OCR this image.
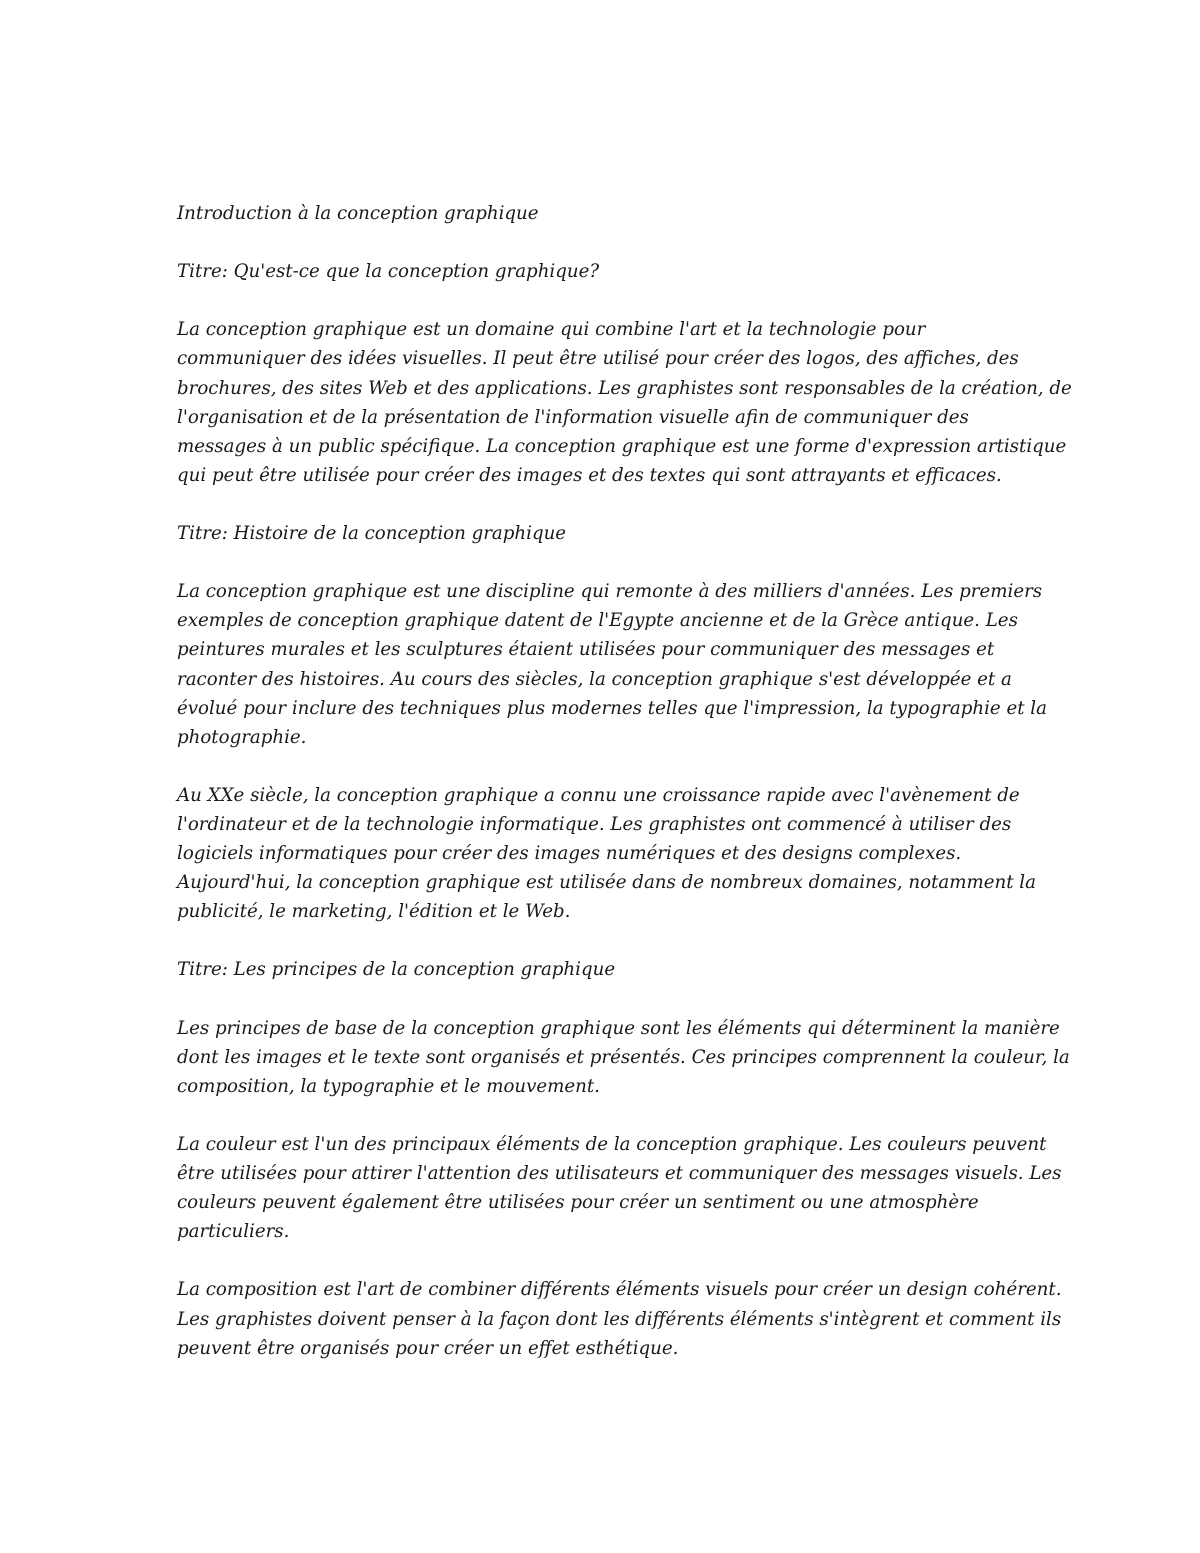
Introduction à la conception graphique

Titre: Qu'est-ce que la conception graphique?

La conception graphique est un domaine qui combine l'art et la technologie pour
communiquer des idées visuelles. Il peut être utilisé pour créer des logos, des affiches, des
brochures, des sites Web et des applications. Les graphistes sont responsables de la création, de
l'organisation et de la présentation de l'information visuelle afin de communiquer des
messages à un public spécifique. La conception graphique est une forme d'expression artistique
qui peut être utilisée pour créer des images et des textes qui sont attrayants et efficaces.

Titre: Histoire de la conception graphique

La conception graphique est une discipline qui remonte à des milliers d'années. Les premiers
exemples de conception graphique datent de l'Egypte ancienne et de la Grèce antique. Les
peintures murales et les sculptures étaient utilisées pour communiquer des messages et
raconter des histoires. Au cours des siècles, la conception graphique s'est développée et a
évolué pour inclure des techniques plus modernes telles que l'impression, la typographie et la
photographie.

Au XXe siècle, la conception graphique a connu une croissance rapide avec l'avènement de
l'ordinateur et de la technologie informatique. Les graphistes ont commencé à utiliser des
logiciels informatiques pour créer des images numériques et des designs complexes.
Aujourd'hui, la conception graphique est utilisée dans de nombreux domaines, notamment la
publicité, le marketing, l'édition et le Web.

Titre: Les principes de la conception graphique

Les principes de base de la conception graphique sont les éléments qui déterminent la manière
dont les images et le texte sont organisés et présentés. Ces principes comprennent la couleur, la
composition, la typographie et le mouvement.

La couleur est l'un des principaux éléments de la conception graphique. Les couleurs peuvent
être utilisées pour attirer l'attention des utilisateurs et communiquer des messages visuels. Les
couleurs peuvent également être utilisées pour créer un sentiment ou une atmosphère
particuliers.

La composition est l'art de combiner différents éléments visuels pour créer un design cohérent.
Les graphistes doivent penser à la façon dont les différents éléments s'intègrent et comment ils
peuvent être organisés pour créer un effet esthétique.
